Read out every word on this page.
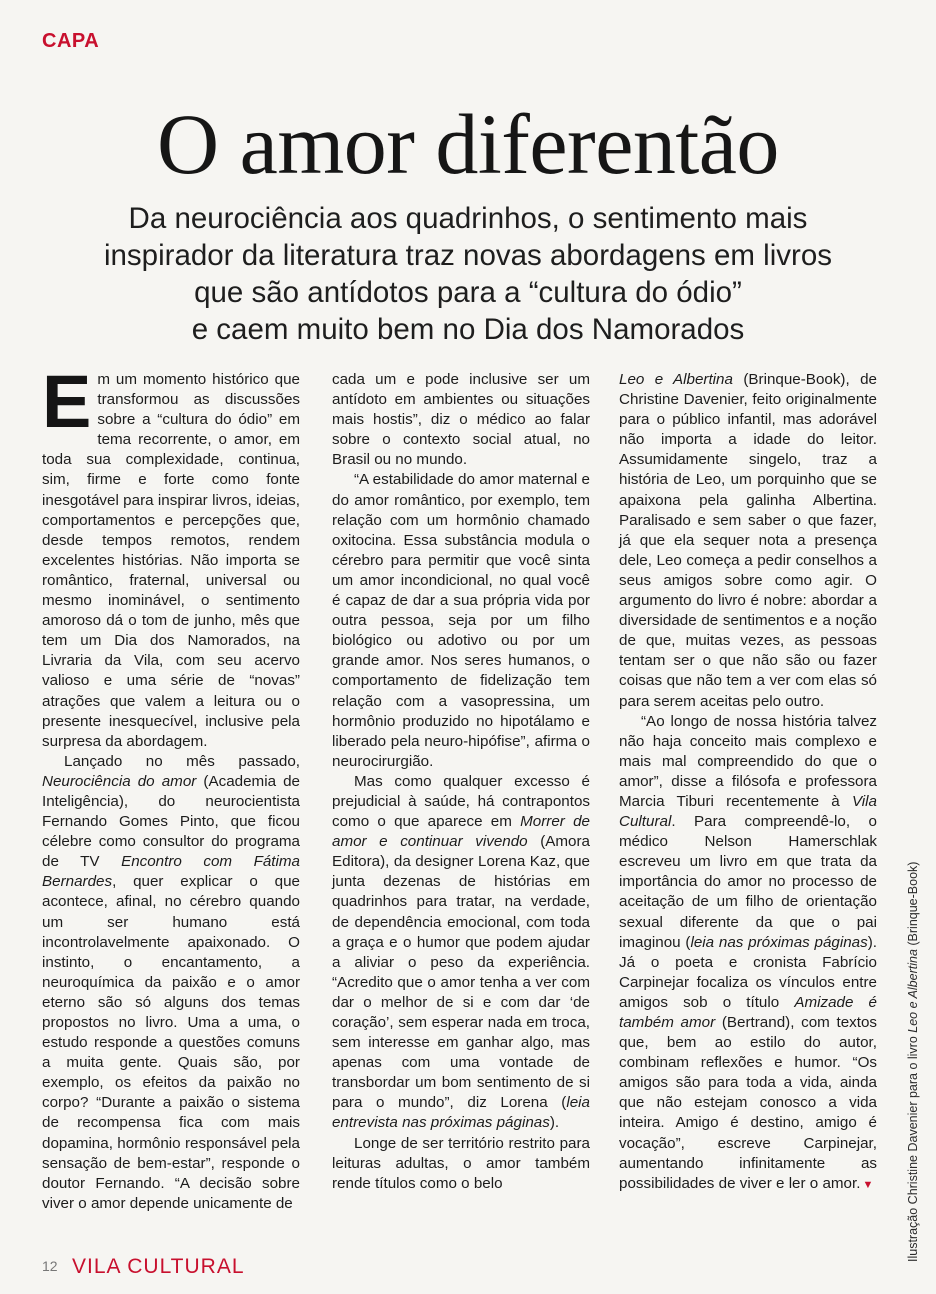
CAPA
O amor diferentão
Da neurociência aos quadrinhos, o sentimento mais
inspirador da literatura traz novas abordagens em livros
que são antídotos para a “cultura do ódio”
e caem muito bem no Dia dos Namorados

Em um momento histórico que transformou as discussões sobre a “cultura do ódio” em tema recorrente, o amor, em toda sua complexidade, continua, sim, firme e forte como fonte inesgotável para inspirar livros, ideias, comportamentos e percepções que, desde tempos remotos, rendem excelentes histórias. Não importa se romântico, fraternal, universal ou mesmo inominável, o sentimento amoroso dá o tom de junho, mês que tem um Dia dos Namorados, na Livraria da Vila, com seu acervo valioso e uma série de “novas” atrações que valem a leitura ou o presente inesquecível, inclusive pela surpresa da abordagem.

Lançado no mês passado, Neurociência do amor (Academia de Inteligência), do neurocientista Fernando Gomes Pinto, que ficou célebre como consultor do programa de TV Encontro com Fátima Bernardes, quer explicar o que acontece, afinal, no cérebro quando um ser humano está incontrolavelmente apaixonado. O instinto, o encantamento, a neuroquímica da paixão e o amor eterno são só alguns dos temas propostos no livro. Uma a uma, o estudo responde a questões comuns a muita gente. Quais são, por exemplo, os efeitos da paixão no corpo? “Durante a paixão o sistema de recompensa fica com mais dopamina, hormônio responsável pela sensação de bem-estar”, responde o doutor Fernando. “A decisão sobre viver o amor depende unicamente de

cada um e pode inclusive ser um antídoto em ambientes ou situações mais hostis”, diz o médico ao falar sobre o contexto social atual, no Brasil ou no mundo.

“A estabilidade do amor maternal e do amor romântico, por exemplo, tem relação com um hormônio chamado oxitocina. Essa substância modula o cérebro para permitir que você sinta um amor incondicional, no qual você é capaz de dar a sua própria vida por outra pessoa, seja por um filho biológico ou adotivo ou por um grande amor. Nos seres humanos, o comportamento de fidelização tem relação com a vasopressina, um hormônio produzido no hipotálamo e liberado pela neuro-hipófise”, afirma o neurocirurgião.

Mas como qualquer excesso é prejudicial à saúde, há contrapontos como o que aparece em Morrer de amor e continuar vivendo (Amora Editora), da designer Lorena Kaz, que junta dezenas de histórias em quadrinhos para tratar, na verdade, de dependência emocional, com toda a graça e o humor que podem ajudar a aliviar o peso da experiência. “Acredito que o amor tenha a ver com dar o melhor de si e com dar ‘de coração’, sem esperar nada em troca, sem interesse em ganhar algo, mas apenas com uma vontade de transbordar um bom sentimento de si para o mundo”, diz Lorena (leia entrevista nas próximas páginas).

Longe de ser território restrito para leituras adultas, o amor também rende títulos como o belo

Leo e Albertina (Brinque-Book), de Christine Davenier, feito originalmente para o público infantil, mas adorável não importa a idade do leitor. Assumidamente singelo, traz a história de Leo, um porquinho que se apaixona pela galinha Albertina. Paralisado e sem saber o que fazer, já que ela sequer nota a presença dele, Leo começa a pedir conselhos a seus amigos sobre como agir. O argumento do livro é nobre: abordar a diversidade de sentimentos e a noção de que, muitas vezes, as pessoas tentam ser o que não são ou fazer coisas que não tem a ver com elas só para serem aceitas pelo outro.

“Ao longo de nossa história talvez não haja conceito mais complexo e mais mal compreendido do que o amor”, disse a filósofa e professora Marcia Tiburi recentemente à Vila Cultural. Para compreendê-lo, o médico Nelson Hamerschlak escreveu um livro em que trata da importância do amor no processo de aceitação de um filho de orientação sexual diferente da que o pai imaginou (leia nas próximas páginas). Já o poeta e cronista Fabrício Carpinejar focaliza os vínculos entre amigos sob o título Amizade é também amor (Bertrand), com textos que, bem ao estilo do autor, combinam reflexões e humor. “Os amigos são para toda a vida, ainda que não estejam conosco a vida inteira. Amigo é destino, amigo é vocação”, escreve Carpinejar, aumentando infinitamente as possibilidades de viver e ler o amor. ▼	Ilustração Christine Davenier para o livro Leo e Albertina (Brinque-Book)
12 VILA CULTURAL
